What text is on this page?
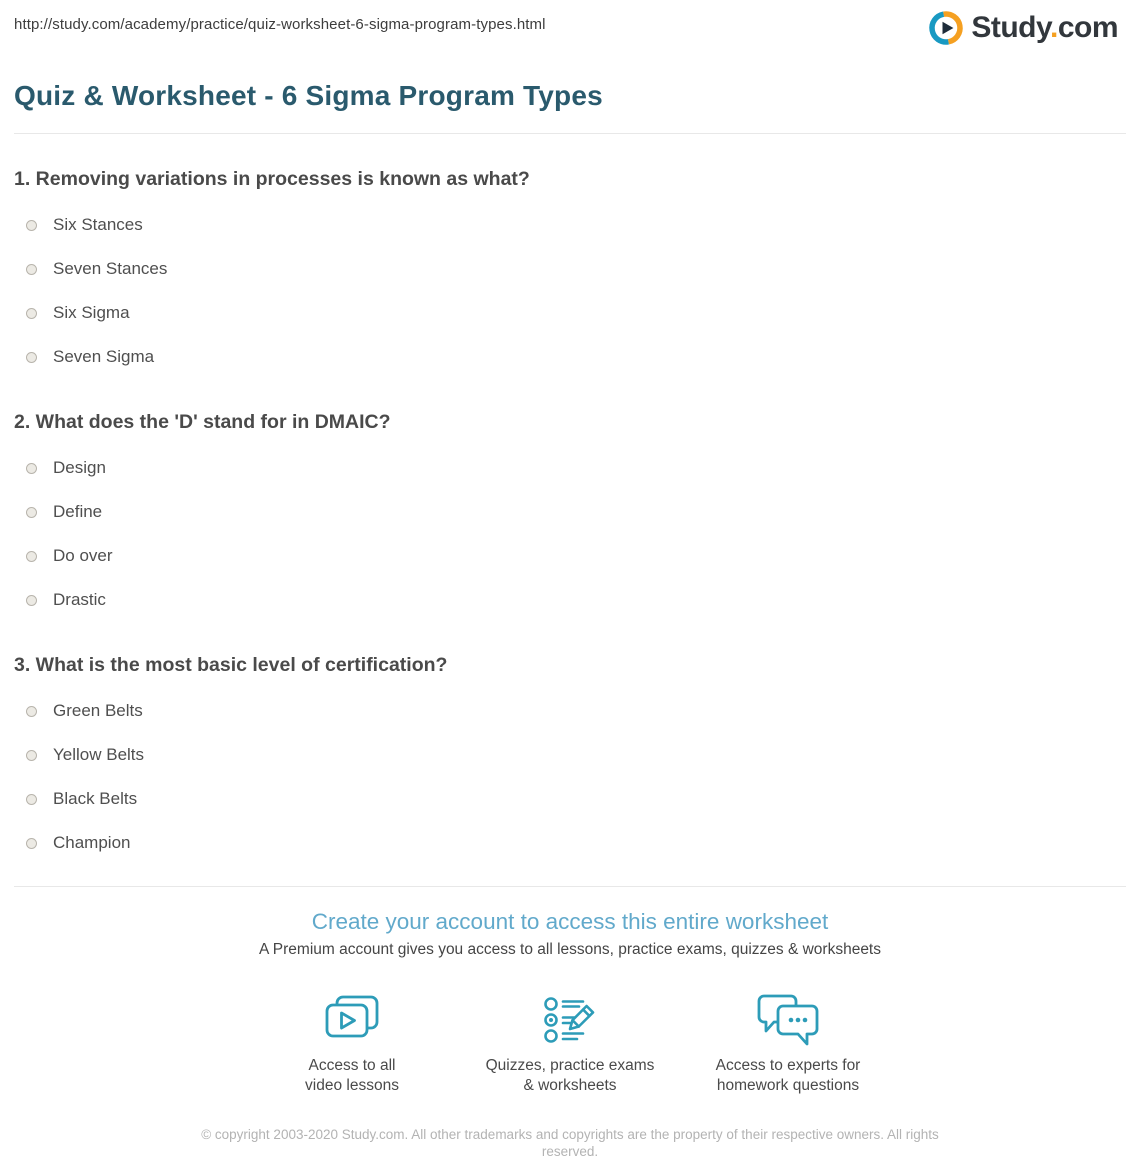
http://study.com/academy/practice/quiz-worksheet-6-sigma-program-types.html	Study.com
Quiz & Worksheet - 6 Sigma Program Types
1. Removing variations in processes is known as what?
Six Stances
Seven Stances
Six Sigma
Seven Sigma
2. What does the 'D' stand for in DMAIC?
Design
Define
Do over
Drastic
3. What is the most basic level of certification?
Green Belts
Yellow Belts
Black Belts
Champion
Create your account to access this entire worksheet

A Premium account gives you access to all lessons, practice exams, quizzes & worksheets

Access to all
video lessons
Quizzes, practice exams
& worksheets
Access to experts for
homework questions

© copyright 2003-2020 Study.com. All other trademarks and copyrights are the property of their respective owners. All rights reserved.
